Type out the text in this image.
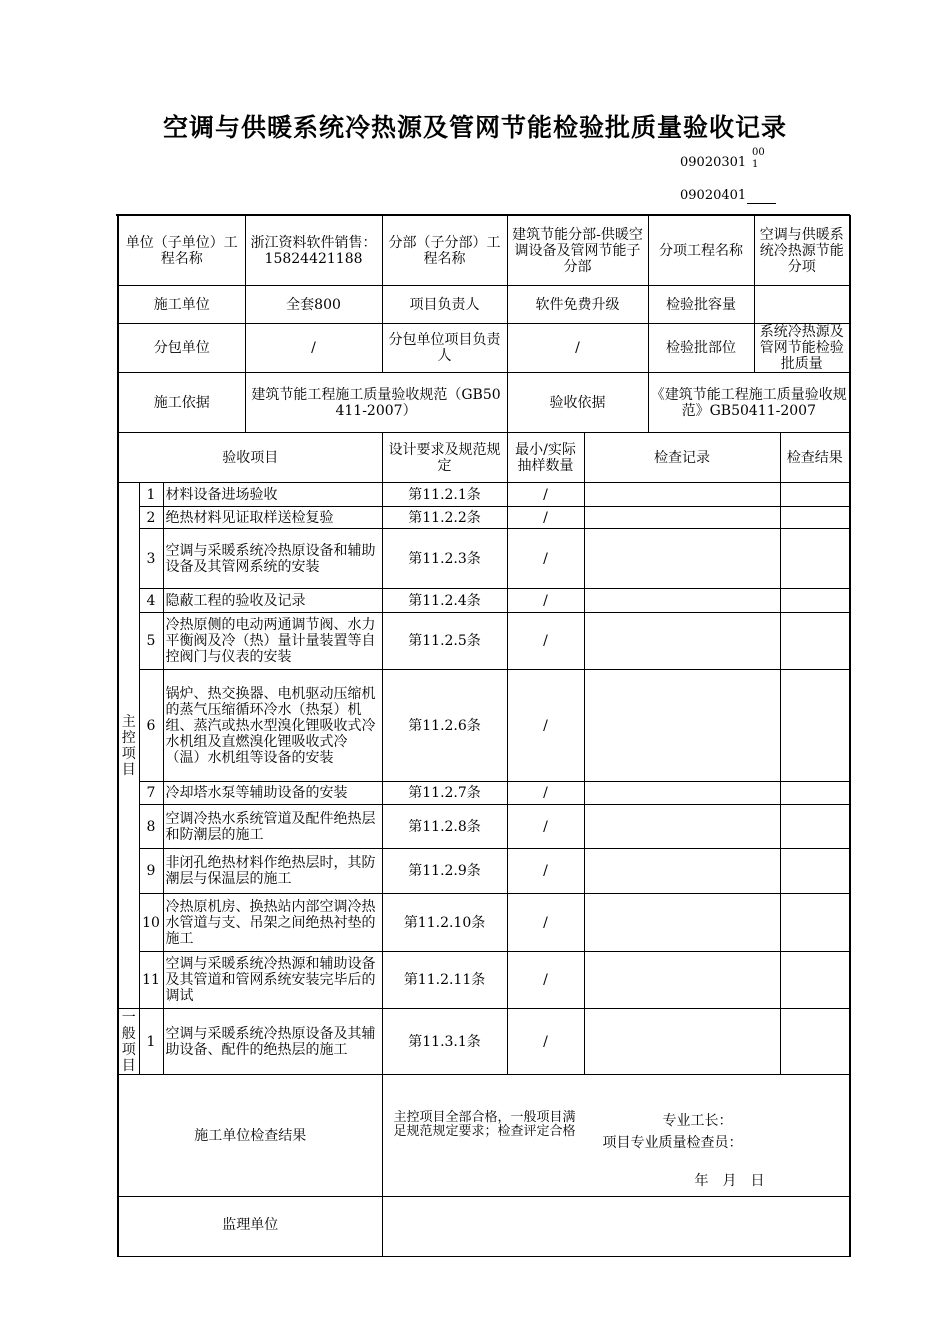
空调与供暖系统冷热源及管网节能检验批质量验收记录
09020301
00
1
09020401
单位（子单位）工程名称			浙江资料软件销售：15824421188	分部（子分部）工程名称	建筑节能分部-供暖空调设备及管网节能子分部		分项工程名称	空调与供暖系统冷热源节能分项	
施工单位			全套800	项目负责人	软件免费升级		检验批容量		
分包单位			/	分包单位项目负责人	/		检验批部位	系统冷热源及管网节能检验批质量	
施工依据			建筑节能工程施工质量验收规范（GB50411-2007）		验收依据		《建筑节能工程施工质量验收规范》GB50411-2007		
验收项目				设计要求及规范规定	最小/实际抽样数量	检查记录			检查结果

主控项目	1	材料设备进场验收		第11.2.1条	/				
	2	绝热材料见证取样送检复验		第11.2.2条	/				
	3	空调与采暖系统冷热原设备和辅助设备及其管网系统的安装		第11.2.3条	/				
	4	隐蔽工程的验收及记录		第11.2.4条	/				
	5	冷热原侧的电动两通调节阀、水力平衡阀及冷（热）量计量装置等自控阀门与仪表的安装		第11.2.5条	/				
	6	锅炉、热交换器、电机驱动压缩机的蒸气压缩循环冷水（热泵）机组、蒸汽或热水型溴化锂吸收式冷水机组及直燃溴化锂吸收式冷（温）水机组等设备的安装		第11.2.6条	/				
	7	冷却塔水泵等辅助设备的安装		第11.2.7条	/				
	8	空调冷热水系统管道及配件绝热层和防潮层的施工		第11.2.8条	/				
	9	非闭孔绝热材料作绝热层时，其防潮层与保温层的施工		第11.2.9条	/				
	10	冷热原机房、换热站内部空调冷热水管道与支、吊架之间绝热衬垫的施工		第11.2.10条	/				
	11	空调与采暖系统冷热源和辅助设备及其管道和管网系统安装完毕后的调试		第11.2.11条	/				

一般项目	1	空调与采暖系统冷热原设备及其辅助设备、配件的绝热层的施工		第11.3.1条	/				
施工单位检查结果				主控项目全部合格，一般项目满足规范规定要求；检查评定合格
专业工长：
项目专业质量检查员：
年　月　日					

监理单位									
